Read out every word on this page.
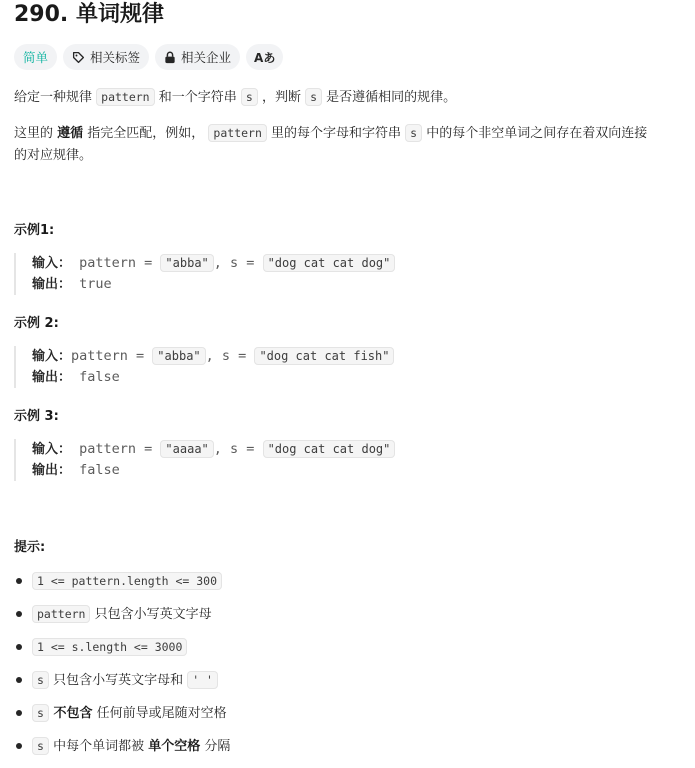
290. 单词规律
简单	相关标签	相关企业 Aあ

给定一种规律 pattern 和一个字符串 s ，判断 s 是否遵循相同的规律。

这里的 遵循 指完全匹配，例如， pattern 里的每个字母和字符串 s 中的每个非空单词之间存在着双向连接
的对应规律。

示例1:
输入： pattern = "abba" , s = "dog cat cat dog"
输出： true
示例 2:
输入：pattern = "abba" , s = "dog cat cat fish"
输出： false
示例 3:
输入： pattern = "aaaa" , s = "dog cat cat dog"
输出： false
提示:
1 <= pattern.length <= 300
pattern 只包含小写英文字母
1 <= s.length <= 3000
s 只包含小写英文字母和 ' '
s 不包含 任何前导或尾随对空格
s 中每个单词都被 单个空格 分隔
